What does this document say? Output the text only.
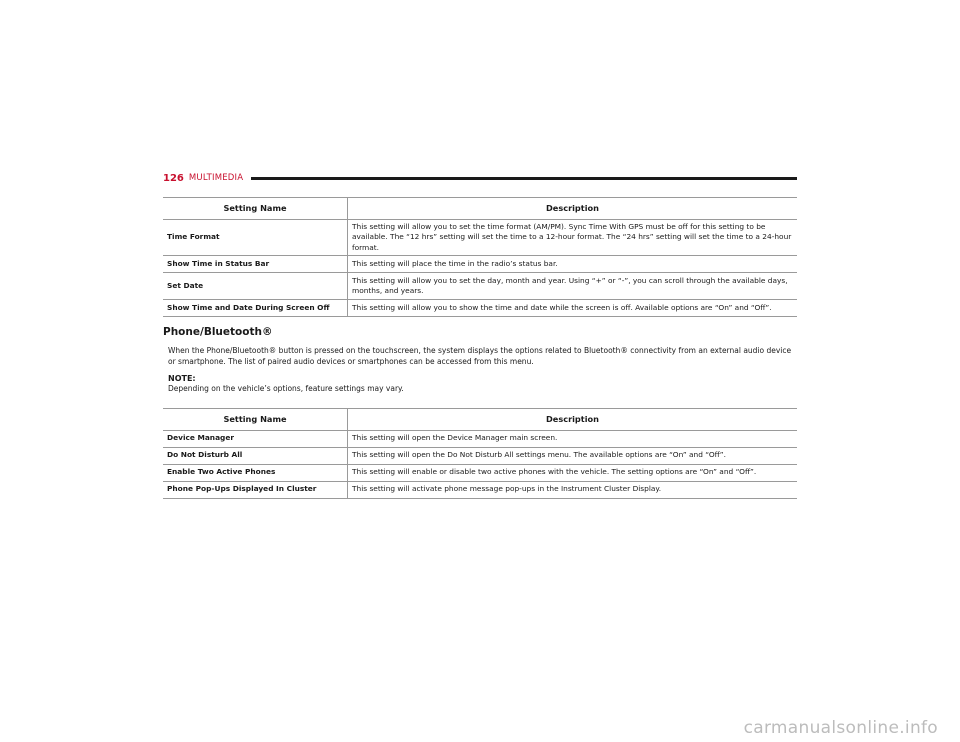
126 MULTIMEDIA
Setting Name	Description
Time Format	This setting will allow you to set the time format (AM/PM). Sync Time With GPS must be off for this setting to be available. The “12 hrs” setting will set the time to a 12-hour format. The “24 hrs” setting will set the time to a 24-hour format.
Show Time in Status Bar	This setting will place the time in the radio’s status bar.
Set Date	This setting will allow you to set the day, month and year. Using “+” or “-”, you can scroll through the available days, months, and years.
Show Time and Date During Screen Off	This setting will allow you to show the time and date while the screen is off. Available options are “On” and “Off”.
Phone/Bluetooth®
When the Phone/Bluetooth® button is pressed on the touchscreen, the system displays the options related to Bluetooth® connectivity from an external audio device or smartphone. The list of paired audio devices or smartphones can be accessed from this menu.
NOTE:
Depending on the vehicle’s options, feature settings may vary.
Setting Name	Description
Device Manager	This setting will open the Device Manager main screen.
Do Not Disturb All	This setting will open the Do Not Disturb All settings menu. The available options are “On” and “Off”.
Enable Two Active Phones	This setting will enable or disable two active phones with the vehicle. The setting options are “On” and “Off”.
Phone Pop-Ups Displayed In Cluster	This setting will activate phone message pop-ups in the Instrument Cluster Display.
carmanualsonline.info
